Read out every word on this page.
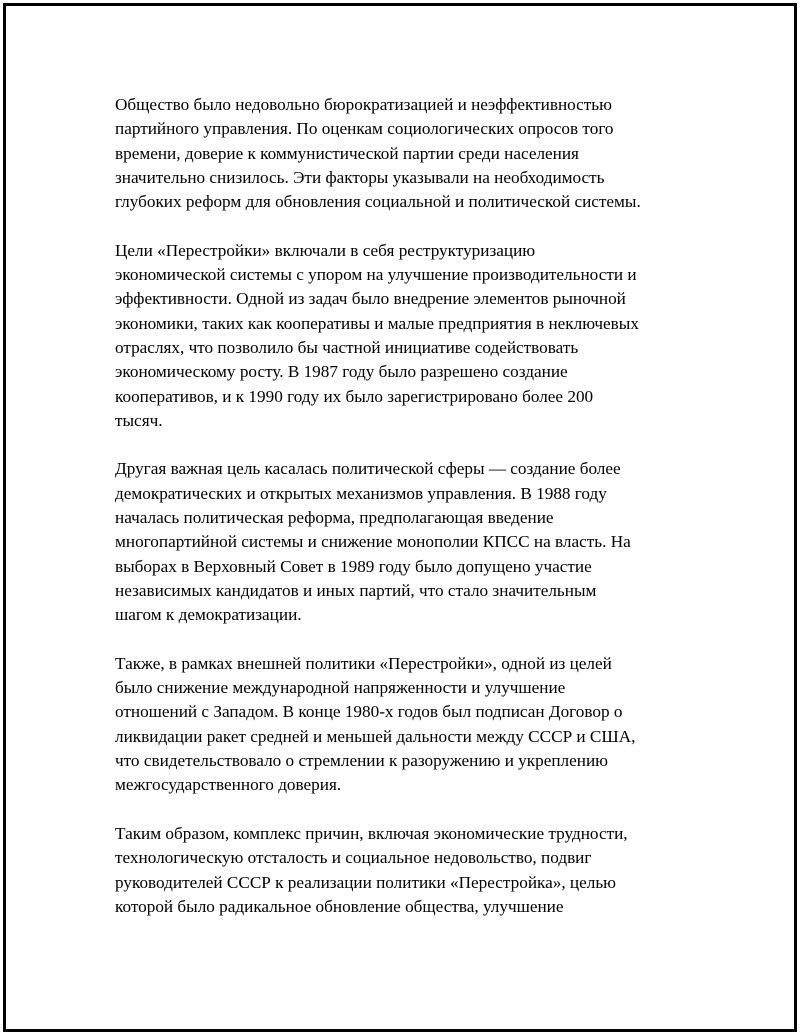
Общество было недовольно бюрократизацией и неэффективностью
партийного управления. По оценкам социологических опросов того
времени, доверие к коммунистической партии среди населения
значительно снизилось. Эти факторы указывали на необходимость
глубоких реформ для обновления социальной и политической системы.

Цели «Перестройки» включали в себя реструктуризацию
экономической системы с упором на улучшение производительности и
эффективности. Одной из задач было внедрение элементов рыночной
экономики, таких как кооперативы и малые предприятия в неключевых
отраслях, что позволило бы частной инициативе содействовать
экономическому росту. В 1987 году было разрешено создание
кооперативов, и к 1990 году их было зарегистрировано более 200
тысяч.

Другая важная цель касалась политической сферы — создание более
демократических и открытых механизмов управления. В 1988 году
началась политическая реформа, предполагающая введение
многопартийной системы и снижение монополии КПСС на власть. На
выборах в Верховный Совет в 1989 году было допущено участие
независимых кандидатов и иных партий, что стало значительным
шагом к демократизации.

Также, в рамках внешней политики «Перестройки», одной из целей
было снижение международной напряженности и улучшение
отношений с Западом. В конце 1980-х годов был подписан Договор о
ликвидации ракет средней и меньшей дальности между СССР и США,
что свидетельствовало о стремлении к разоружению и укреплению
межгосударственного доверия.

Таким образом, комплекс причин, включая экономические трудности,
технологическую отсталость и социальное недовольство, подвиг
руководителей СССР к реализации политики «Перестройка», целью
которой было радикальное обновление общества, улучшение
